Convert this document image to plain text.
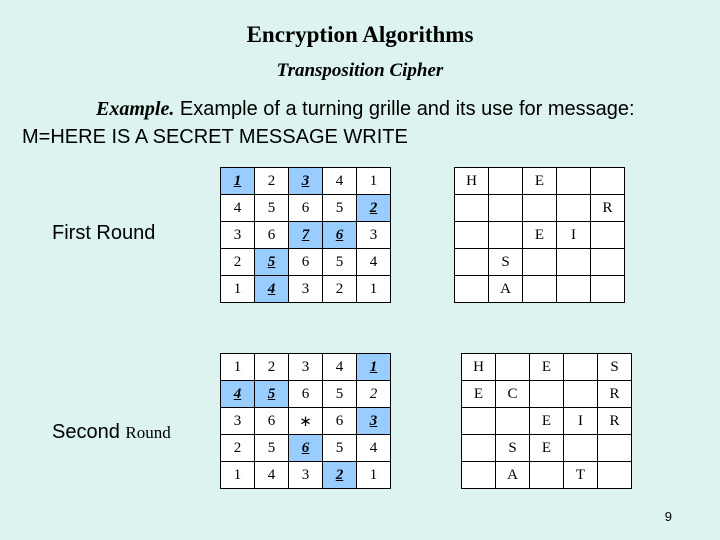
Encryption Algorithms
Transposition Cipher
Example. Example of a turning grille and its use for message:
M=HERE IS A SECRET MESSAGE WRITE
First Round
Second Round
1	2	3	4	1
4	5	6	5	2
3	6	7	6	3
2	5	6	5	4
1	4	3	2	1
H		E		
				R
		E	I	
	S			
	A			
1	2	3	4	1
4	5	6	5	2
3	6	∗	6	3
2	5	6	5	4
1	4	3	2	1
H		E		S
E	C			R
		E	I	R
	S	E		
	A		T	
9
